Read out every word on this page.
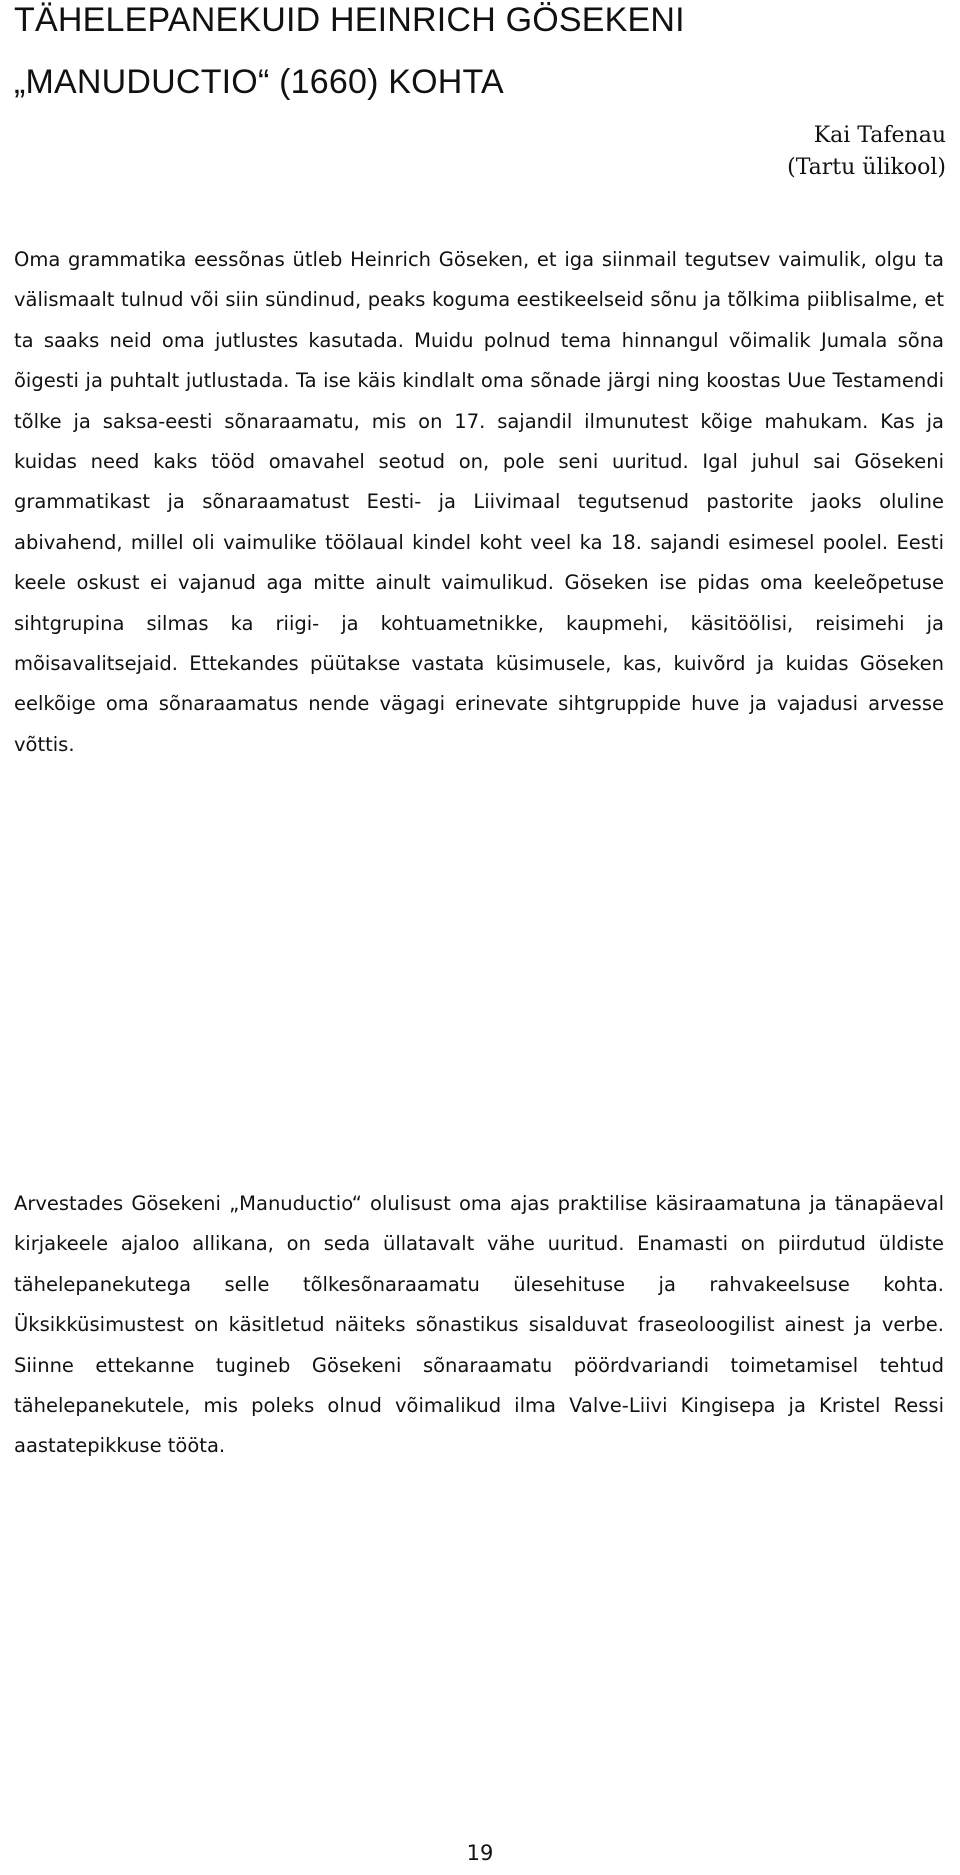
TÄHELEPANEKUID HEINRICH GÖSEKENI
„MANUDUCTIO“ (1660) KOHTA
Kai Tafenau
(Tartu ülikool)

Oma grammatika eessõnas ütleb Heinrich Göseken, et iga siinmail tegutsev vaimulik, olgu ta välismaalt tulnud või siin sündinud, peaks koguma eestikeelseid sõnu ja tõlkima piiblisalme, et ta saaks neid oma jutlustes kasutada. Muidu polnud tema hinnangul võimalik Jumala sõna õigesti ja puhtalt jutlustada. Ta ise käis kindlalt oma sõnade järgi ning koostas Uue Testamendi tõlke ja saksa-eesti sõnaraamatu, mis on 17. sajandil ilmunutest kõige mahukam. Kas ja kuidas need kaks tööd omavahel seotud on, pole seni uuritud. Igal juhul sai Gösekeni grammatikast ja sõnaraamatust Eesti- ja Liivimaal tegutsenud pastorite jaoks oluline abivahend, millel oli vaimulike töölaual kindel koht veel ka 18. sajandi esimesel poolel. Eesti keele oskust ei vajanud aga mitte ainult vaimulikud. Göseken ise pidas oma keeleõpetuse sihtgrupina silmas ka riigi- ja kohtuametnikke, kaupmehi, käsitöölisi, reisimehi ja mõisavalitsejaid. Ettekandes püütakse vastata küsimusele, kas, kuivõrd ja kuidas Göseken eelkõige oma sõnaraamatus nende vägagi erinevate sihtgruppide huve ja vajadusi arvesse võttis.

Arvestades Gösekeni „Manuductio“ olulisust oma ajas praktilise käsiraamatuna ja tänapäeval kirjakeele ajaloo allikana, on seda üllatavalt vähe uuritud. Enamasti on piirdutud üldiste tähelepanekutega selle tõlkesõnaraamatu ülesehituse ja rahvakeelsuse kohta. Üksikküsimustest on käsitletud näiteks sõnastikus sisalduvat fraseoloogilist ainest ja verbe. Siinne ettekanne tugineb Gösekeni sõnaraamatu pöördvariandi toimetamisel tehtud tähelepanekutele, mis poleks olnud võimalikud ilma Valve-Liivi Kingisepa ja Kristel Ressi aastatepikkuse tööta.

19
